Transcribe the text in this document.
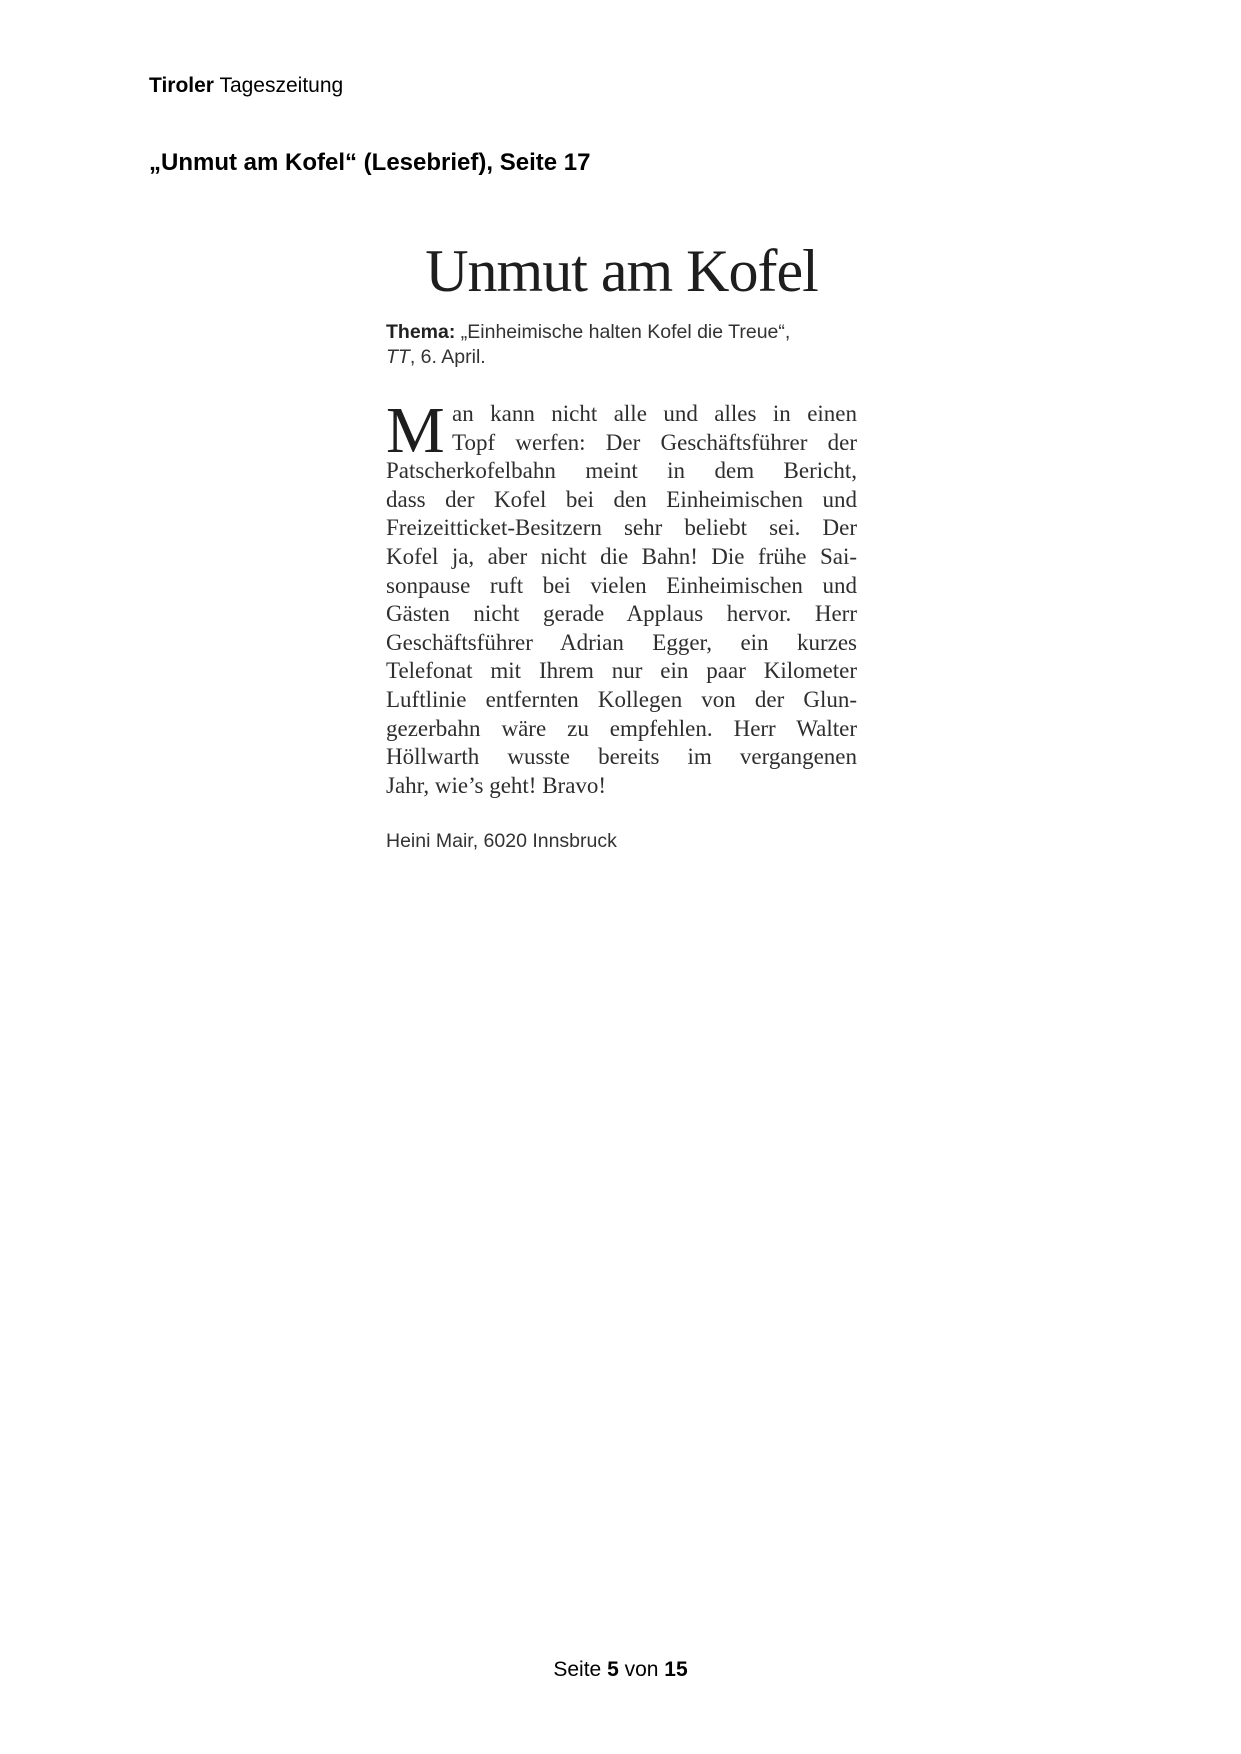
Tiroler Tageszeitung
„Unmut am Kofel“ (Lesebrief), Seite 17
Unmut am Kofel
Thema: „Einheimische halten Kofel die Treue“,
TT, 6. April.
M an kann nicht alle und alles in einen
Topf werfen: Der Geschäftsführer der
Patscherkofelbahn meint in dem Bericht,
dass der Kofel bei den Einheimischen und
Freizeitticket-Besitzern sehr beliebt sei. Der
Kofel ja, aber nicht die Bahn! Die frühe Sai-
sonpause ruft bei vielen Einheimischen und
Gästen nicht gerade Applaus hervor. Herr
Geschäftsführer Adrian Egger, ein kurzes
Telefonat mit Ihrem nur ein paar Kilometer
Luftlinie entfernten Kollegen von der Glun-
gezerbahn wäre zu empfehlen. Herr Walter
Höllwarth wusste bereits im vergangenen
Jahr, wie’s geht! Bravo!
Heini Mair, 6020 Innsbruck
Seite 5 von 15
